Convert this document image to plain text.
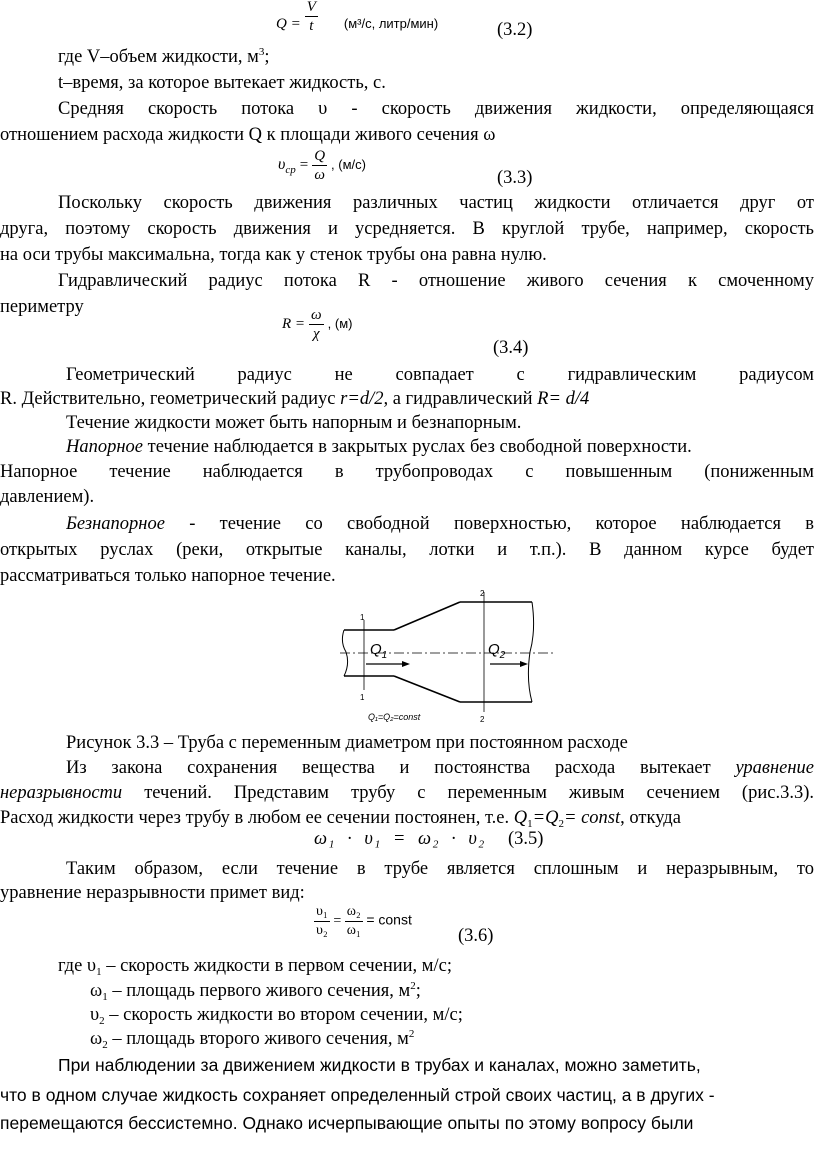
$Q = \frac{V}{t} _{(м^3/с, литр/мин)}$	(3.2)
где V–объем жидкости, $м^3$;
t–время, за которое вытекает жидкость, с.
Средняя скорость потока υ - скорость движения жидкости, определяющаяся
отношением расхода жидкости Q к площади живого сечения ω
$\upsilon_{ср} = \frac{Q}{\omega}$ , (м/с)
(3.3)
Поскольку скорость движения различных частиц жидкости отличается друг от
друга, поэтому скорость движения и усредняется. В круглой трубе, например, скорость
на оси трубы максимальна, тогда как у стенок трубы она равна нулю.
Гидравлический радиус потока R - отношение живого сечения к смоченному
периметру
$R = \frac{\omega}{\chi}$ , (м)
(3.4)
Геометрический радиус не совпадает с гидравлическим радиусом
R. Действительно, геометрический радиус r=d/2, а гидравлический R= d/4
Течение жидкости может быть напорным и безнапорным.
Напорное течение наблюдается в закрытых руслах без свободной поверхности.
Напорное течение наблюдается в трубопроводах с повышенным (пониженным
давлением).
Безнапорное - течение со свободной поверхностью, которое наблюдается в
открытых руслах (реки, открытые каналы, лотки и т.п.). В данном курсе будет
рассматриваться только напорное течение.
$Q_1$	$Q_2$
1
2
1
2
Q₁=Q₂=const
Рисунок 3.3 – Труба с переменным диаметром при постоянном расходе
Из закона сохранения вещества и постоянства расхода вытекает уравнение
неразрывности течений. Представим трубу с переменным живым сечением (рис.3.3).
Расход жидкости через трубу в любом ее сечении постоянен, т.е. $Q_1=Q_2=$ const, откуда
ω₁ · υ₁ = ω₂ · υ₂ (3.5)
Таким образом, если течение в трубе является сплошным и неразрывным, то
уравнение неразрывности примет вид:
$\frac{\text{υ₁}}{\text{υ₂}} = \frac{\text{ω₂}}{\text{ω₁}}$ = const
(3.6)
где $\upsilon_1$ – скорость жидкости в первом сечении, м/с;
$\omega_1$ – площадь первого живого сечения, $м^2$;
$\upsilon_2$ – скорость жидкости во втором сечении, м/с;
$\omega_2$ – площадь второго живого сечения, $м^2$
При наблюдении за движением жидкости в трубах и каналах, можно заметить,
что в одном случае жидкость сохраняет определенный строй своих частиц, а в других -
перемещаются бессистемно. Однако исчерпывающие опыты по этому вопросу были
